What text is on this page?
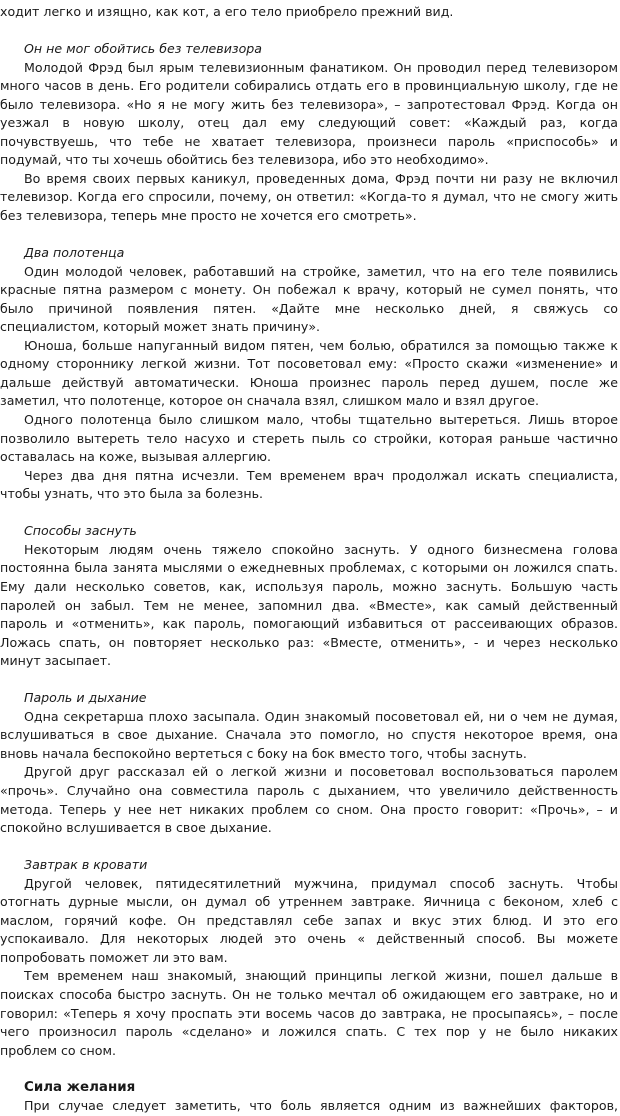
ходит легко и изящно, как кот, а его тело приобрело прежний вид.
Он не мог обойтись без телевизора
Молодой Фрэд был ярым телевизионным фанатиком. Он проводил перед телевизором
много часов в день. Его родители собирались отдать его в провинциальную школу, где не
было телевизора. «Но я не могу жить без телевизора», – запротестовал Фрэд. Когда он
уезжал в новую школу, отец дал ему следующий совет: «Каждый раз, когда
почувствуешь, что тебе не хватает телевизора, произнеси пароль «приспособь» и
подумай, что ты хочешь обойтись без телевизора, ибо это необходимо».
Во время своих первых каникул, проведенных дома, Фрэд почти ни разу не включил
телевизор. Когда его спросили, почему, он ответил: «Когда-то я думал, что не смогу жить
без телевизора, теперь мне просто не хочется его смотреть».
Два полотенца
Один молодой человек, работавший на стройке, заметил, что на его теле появились
красные пятна размером с монету. Он побежал к врачу, который не сумел понять, что
было причиной появления пятен. «Дайте мне несколько дней, я свяжусь со
специалистом, который может знать причину».
Юноша, больше напуганный видом пятен, чем болью, обратился за помощью также к
одному стороннику легкой жизни. Тот посоветовал ему: «Просто скажи «изменение» и
дальше действуй автоматически. Юноша произнес пароль перед душем, после же
заметил, что полотенце, которое он сначала взял, слишком мало и взял другое.
Одного полотенца было слишком мало, чтобы тщательно вытереться. Лишь второе
позволило вытереть тело насухо и стереть пыль со стройки, которая раньше частично
оставалась на коже, вызывая аллергию.
Через два дня пятна исчезли. Тем временем врач продолжал искать специалиста,
чтобы узнать, что это была за болезнь.
Способы заснуть
Некоторым людям очень тяжело спокойно заснуть. У одного бизнесмена голова
постоянна была занята мыслями о ежедневных проблемах, с которыми он ложился спать.
Ему дали несколько советов, как, используя пароль, можно заснуть. Большую часть
паролей он забыл. Тем не менее, запомнил два. «Вместе», как самый действенный
пароль и «отменить», как пароль, помогающий избавиться от рассеивающих образов.
Ложась спать, он повторяет несколько раз: «Вместе, отменить», - и через несколько
минут засыпает.
Пароль и дыхание
Одна секретарша плохо засыпала. Один знакомый посоветовал ей, ни о чем не думая,
вслушиваться в свое дыхание. Сначала это помогло, но спустя некоторое время, она
вновь начала беспокойно вертеться с боку на бок вместо того, чтобы заснуть.
Другой друг рассказал ей о легкой жизни и посоветовал воспользоваться паролем
«прочь». Случайно она совместила пароль с дыханием, что увеличило действенность
метода. Теперь у нее нет никаких проблем со сном. Она просто говорит: «Прочь», – и
спокойно вслушивается в свое дыхание.
Завтрак в кровати
Другой человек, пятидесятилетний мужчина, придумал способ заснуть. Чтобы
отогнать дурные мысли, он думал об утреннем завтраке. Яичница с беконом, хлеб с
маслом, горячий кофе. Он представлял себе запах и вкус этих блюд. И это его
успокаивало. Для некоторых людей это очень « действенный способ. Вы можете
попробовать поможет ли это вам.
Тем временем наш знакомый, знающий принципы легкой жизни, пошел дальше в
поисках способа быстро заснуть. Он не только мечтал об ожидающем его завтраке, но и
говорил: «Теперь я хочу проспать эти восемь часов до завтрака, не просыпаясь», – после
чего произносил пароль «сделано» и ложился спать. С тех пор у не было никаких
проблем со сном.
Сила желания
При случае следует заметить, что боль является одним из важнейших факторов,
